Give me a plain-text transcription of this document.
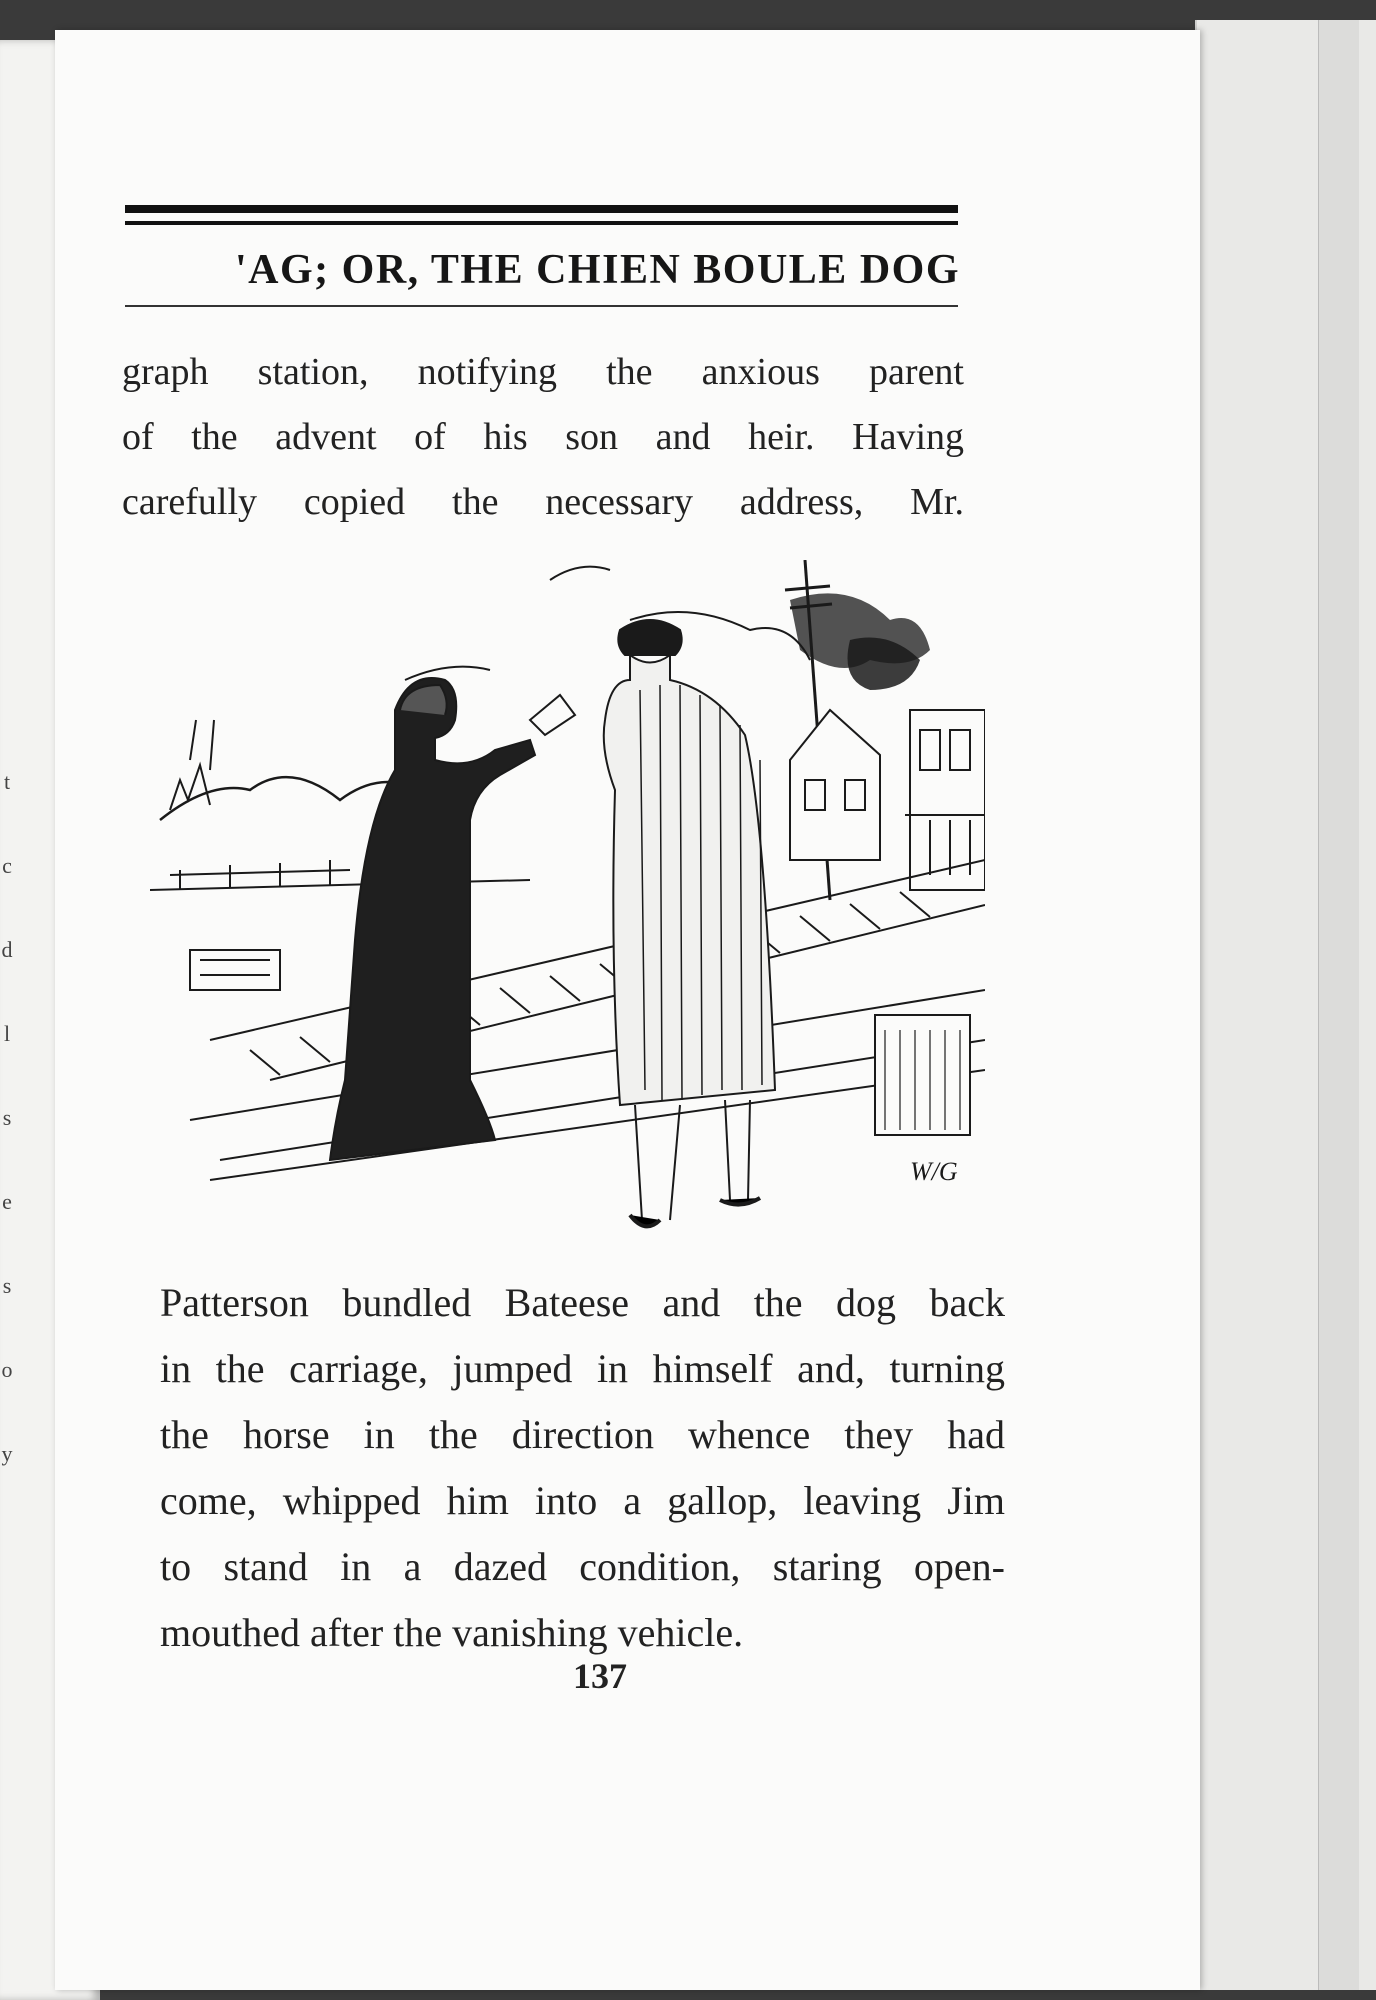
t
c
d
l
s
e
s
o
y
'AG; OR, THE CHIEN BOULE DOG
graph station, notifying the anxious parent
of the advent of his son and heir. Having
carefully copied the necessary address, Mr.
W/G
Patterson bundled Bateese and the dog back
in the carriage, jumped in himself and, turning
the horse in the direction whence they had
come, whipped him into a gallop, leaving Jim
to stand in a dazed condition, staring open-
mouthed after the vanishing vehicle.
137
